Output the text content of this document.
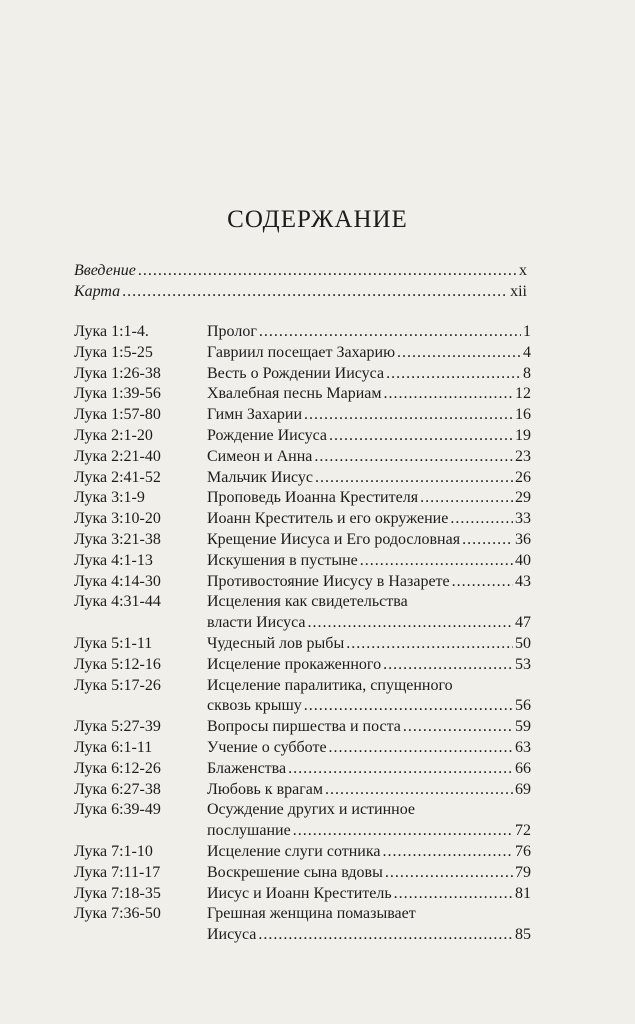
СОДЕРЖАНИЕ
Введение .....	x
Карта .....	xii
Лука 1:1-4.	Пролог .....	1
Лука 1:5-25	Гавриил посещает Захарию .....	4
Лука 1:26-38	Весть о Рождении Иисуса .....	8
Лука 1:39-56	Хвалебная песнь Мариам .....	12
Лука 1:57-80	Гимн Захарии .....	16
Лука 2:1-20	Рождение Иисуса .....	19
Лука 2:21-40	Симеон и Анна .....	23
Лука 2:41-52	Мальчик Иисус .....	26
Лука 3:1-9	Проповедь Иоанна Крестителя .....	29
Лука 3:10-20	Иоанн Креститель и его окружение .....	33
Лука 3:21-38	Крещение Иисуса и Его родословная .....	36
Лука 4:1-13	Искушения в пустыне .....	40
Лука 4:14-30	Противостояние Иисусу в Назарете .....	43
Лука 4:31-44	Исцеления как свидетельства
власти Иисуса .....	47
Лука 5:1-11	Чудесный лов рыбы .....	50
Лука 5:12-16	Исцеление прокаженного .....	53
Лука 5:17-26	Исцеление паралитика, спущенного
сквозь крышу .....	56
Лука 5:27-39	Вопросы пиршества и поста .....	59
Лука 6:1-11	Учение о субботе .....	63
Лука 6:12-26	Блаженства .....	66
Лука 6:27-38	Любовь к врагам .....	69
Лука 6:39-49	Осуждение других и истинное
послушание .....	72
Лука 7:1-10	Исцеление слуги сотника .....	76
Лука 7:11-17	Воскрешение сына вдовы .....	79
Лука 7:18-35	Иисус и Иоанн Креститель .....	81
Лука 7:36-50	Грешная женщина помазывает
Иисуса .....	85
